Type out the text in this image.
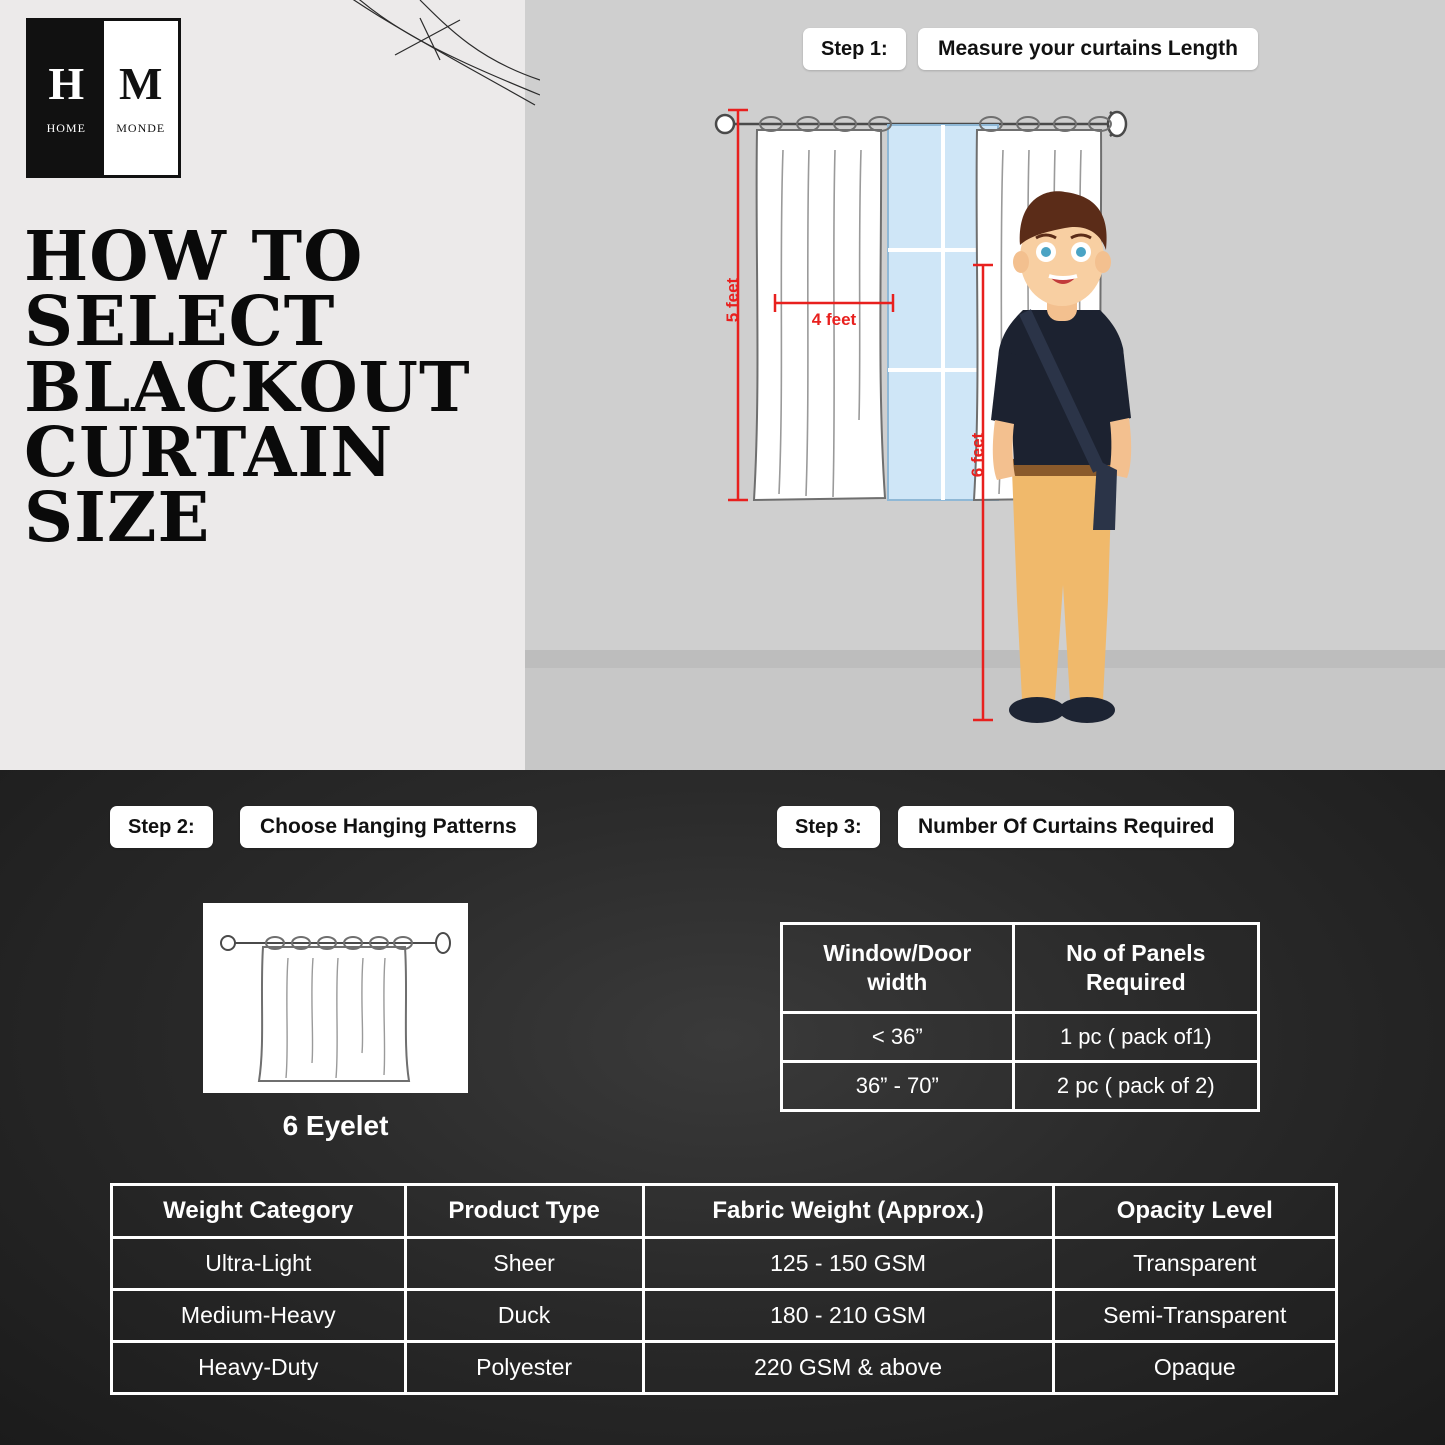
H
HOME
M
MONDE
HOW TO
SELECT
BLACKOUT
CURTAIN
SIZE
Step 1:	Measure your curtains Length
5 feet	4 feet
6 feet
Step 2:	Choose Hanging Patterns	Step 3:	Number Of Curtains Required
6 Eyelet
Window/Door
width	No of Panels
Required
< 36”	1 pc ( pack of1)
36” - 70”	2 pc ( pack of 2)
Weight Category	Product Type	Fabric Weight (Approx.)	Opacity Level
Ultra-Light	Sheer	125 - 150 GSM	Transparent
Medium-Heavy	Duck	180 - 210 GSM	Semi-Transparent
Heavy-Duty	Polyester	220 GSM & above	Opaque
